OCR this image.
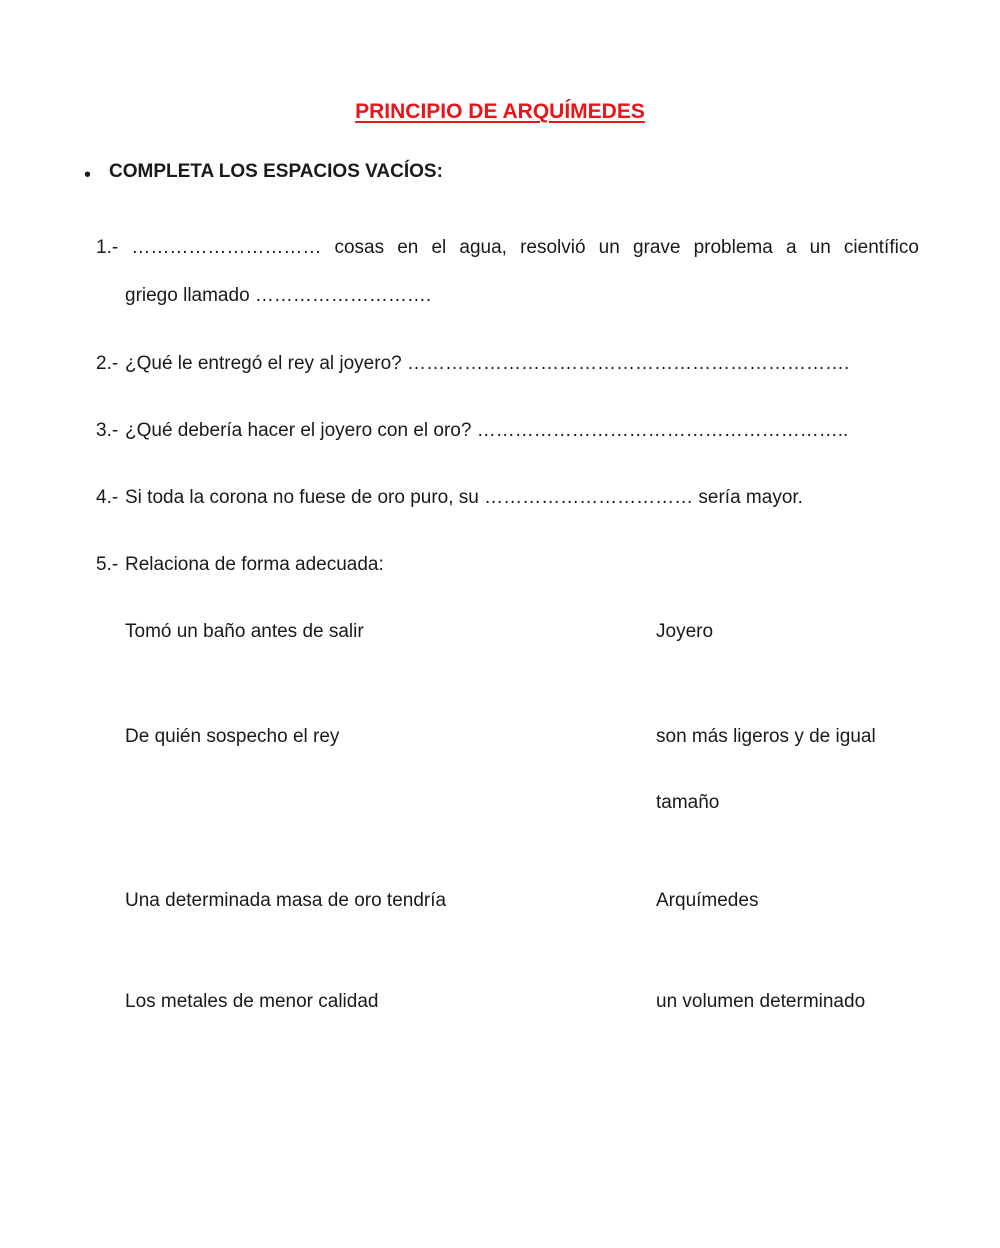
PRINCIPIO DE ARQUÍMEDES
• COMPLETA LOS ESPACIOS VACÍOS:
1.- ………………………… cosas en el agua, resolvió un grave problema a un científico
griego llamado ……………………….
2.- ¿Qué le entregó el rey al joyero? …………………………………………………………….
3.- ¿Qué debería hacer el joyero con el oro? …………………………………………………..
4.- Si toda la corona no fuese de oro puro, su …………………………… sería mayor.
5.- Relaciona de forma adecuada:
Tomó un baño antes de salir	Joyero
De quién sospecho el rey	son más ligeros y de igual
tamaño
Una determinada masa de oro tendría	Arquímedes
Los metales de menor calidad	un volumen determinado
